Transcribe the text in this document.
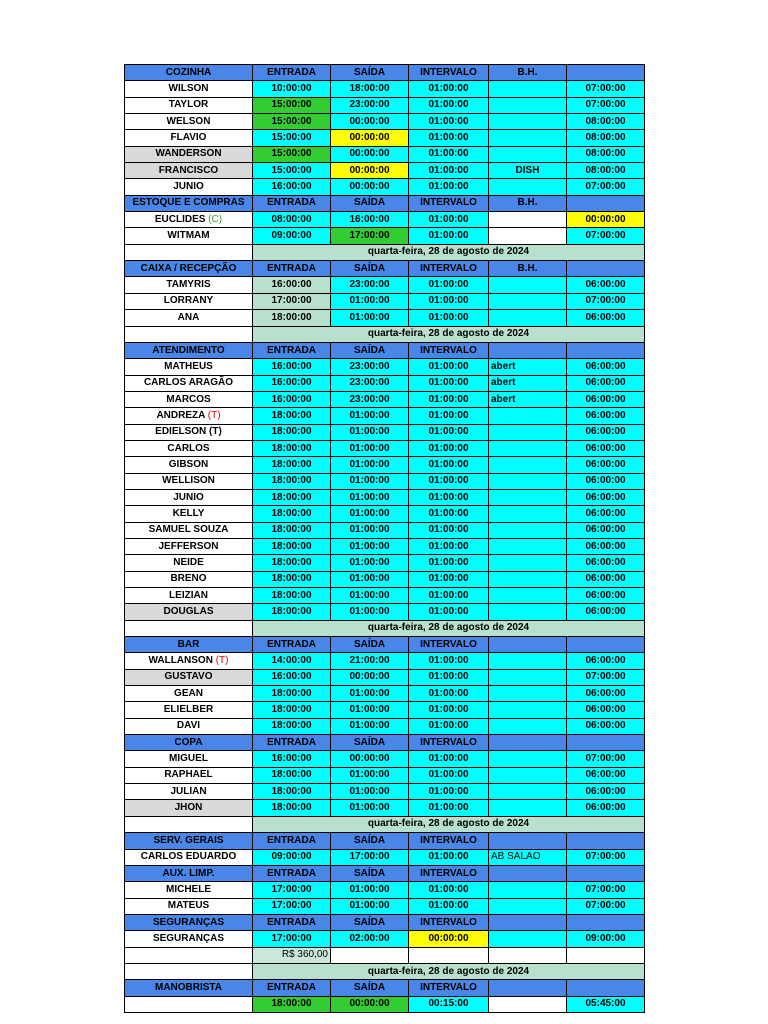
COZINHA	ENTRADA	SAÍDA	INTERVALO	B.H.	
WILSON	10:00:00	18:00:00	01:00:00		07:00:00
TAYLOR	15:00:00	23:00:00	01:00:00		07:00:00
WELSON	15:00:00	00:00:00	01:00:00		08:00:00
FLAVIO	15:00:00	00:00:00	01:00:00		08:00:00
WANDERSON	15:00:00	00:00:00	01:00:00		08:00:00
FRANCISCO	15:00:00	00:00:00	01:00:00	DISH	08:00:00
JUNIO	16:00:00	00:00:00	01:00:00		07:00:00
ESTOQUE E COMPRAS	ENTRADA	SAÍDA	INTERVALO	B.H.	
EUCLIDES (C)	08:00:00	16:00:00	01:00:00		00:00:00
WITMAM	09:00:00	17:00:00	01:00:00		07:00:00
	quarta-feira, 28 de agosto de 2024				
CAIXA / RECEPÇÃO	ENTRADA	SAÍDA	INTERVALO	B.H.	
TAMYRIS	16:00:00	23:00:00	01:00:00		06:00:00
LORRANY	17:00:00	01:00:00	01:00:00		07:00:00
ANA	18:00:00	01:00:00	01:00:00		06:00:00
	quarta-feira, 28 de agosto de 2024				
ATENDIMENTO	ENTRADA	SAÍDA	INTERVALO		
MATHEUS	16:00:00	23:00:00	01:00:00	abert	06:00:00
CARLOS ARAGÃO	16:00:00	23:00:00	01:00:00	abert	06:00:00
MARCOS	16:00:00	23:00:00	01:00:00	abert	06:00:00
ANDREZA (T)	18:00:00	01:00:00	01:00:00		06:00:00
EDIELSON (T)	18:00:00	01:00:00	01:00:00		06:00:00
CARLOS	18:00:00	01:00:00	01:00:00		06:00:00
GIBSON	18:00:00	01:00:00	01:00:00		06:00:00
WELLISON	18:00:00	01:00:00	01:00:00		06:00:00
JUNIO	18:00:00	01:00:00	01:00:00		06:00:00
KELLY	18:00:00	01:00:00	01:00:00		06:00:00
SAMUEL SOUZA	18:00:00	01:00:00	01:00:00		06:00:00
JEFFERSON	18:00:00	01:00:00	01:00:00		06:00:00
NEIDE	18:00:00	01:00:00	01:00:00		06:00:00
BRENO	18:00:00	01:00:00	01:00:00		06:00:00
LEIZIAN	18:00:00	01:00:00	01:00:00		06:00:00
DOUGLAS	18:00:00	01:00:00	01:00:00		06:00:00
	quarta-feira, 28 de agosto de 2024				
BAR	ENTRADA	SAÍDA	INTERVALO		
WALLANSON (T)	14:00:00	21:00:00	01:00:00		06:00:00
GUSTAVO	16:00:00	00:00:00	01:00:00		07:00:00
GEAN	18:00:00	01:00:00	01:00:00		06:00:00
ELIELBER	18:00:00	01:00:00	01:00:00		06:00:00
DAVI	18:00:00	01:00:00	01:00:00		06:00:00
COPA	ENTRADA	SAÍDA	INTERVALO		
MIGUEL	16:00:00	00:00:00	01:00:00		07:00:00
RAPHAEL	18:00:00	01:00:00	01:00:00		06:00:00
JULIAN	18:00:00	01:00:00	01:00:00		06:00:00
JHON	18:00:00	01:00:00	01:00:00		06:00:00
	quarta-feira, 28 de agosto de 2024				
SERV. GERAIS	ENTRADA	SAÍDA	INTERVALO		
CARLOS EDUARDO	09:00:00	17:00:00	01:00:00	AB SALAO	07:00:00
AUX. LIMP.	ENTRADA	SAÍDA	INTERVALO		
MICHELE	17:00:00	01:00:00	01:00:00		07:00:00
MATEUS	17:00:00	01:00:00	01:00:00		07:00:00
SEGURANÇAS	ENTRADA	SAÍDA	INTERVALO		
SEGURANÇAS	17:00:00	02:00:00	00:00:00		09:00:00
	R$ 360,00				
	quarta-feira, 28 de agosto de 2024				
MANOBRISTA	ENTRADA	SAÍDA	INTERVALO		
	18:00:00	00:00:00	00:15:00		05:45:00
